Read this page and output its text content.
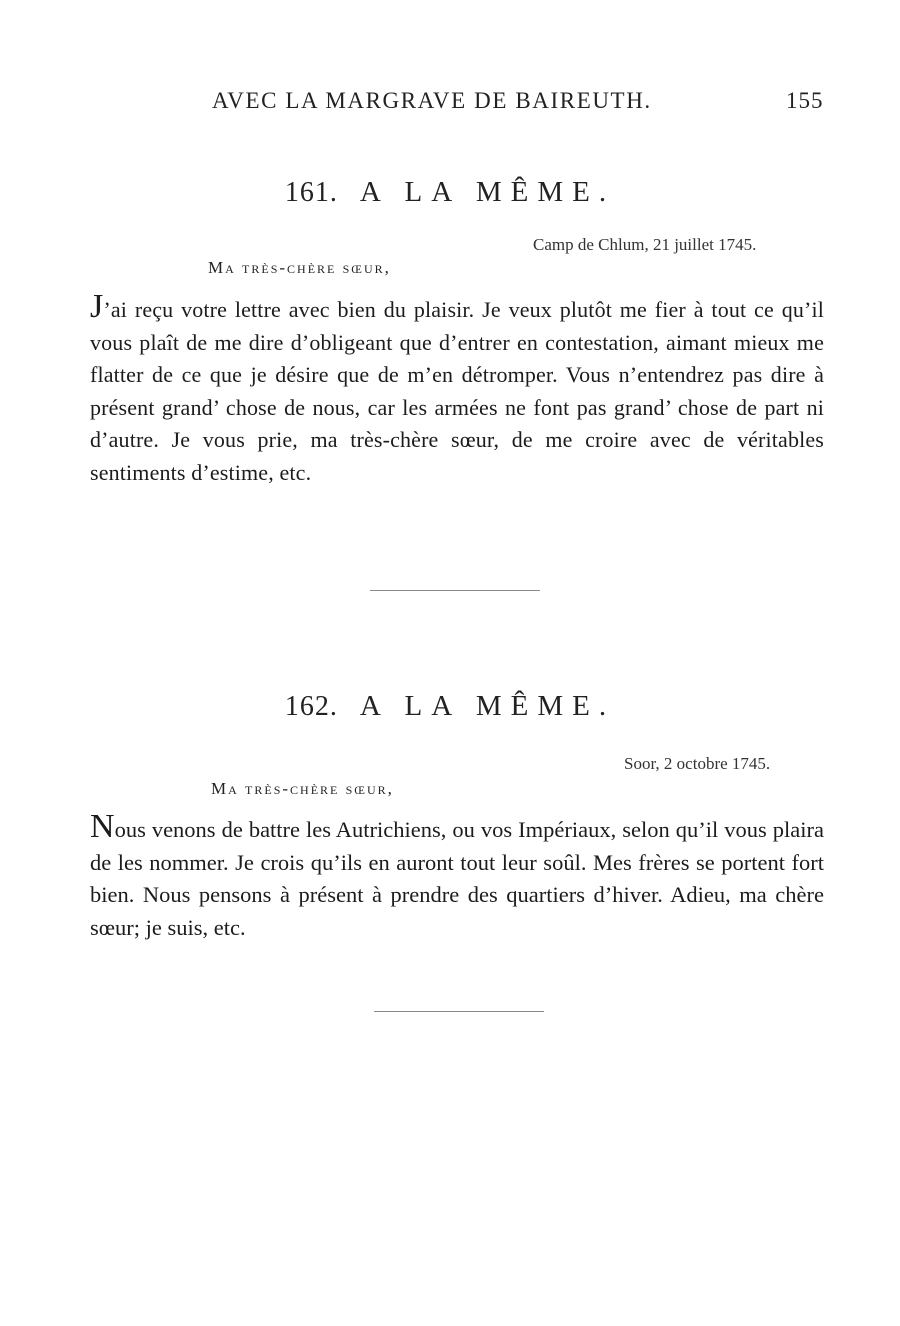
AVEC LA MARGRAVE DE BAIREUTH.	155
161. A LA MÊME.
Camp de Chlum, 21 juillet 1745.
Ma très-chère sœur,
J’ai reçu votre lettre avec bien du plaisir. Je veux plutôt me fier à tout ce qu’il vous plaît de me dire d’obligeant que d’entrer en contestation, aimant mieux me flatter de ce que je désire que de m’en détromper. Vous n’entendrez pas dire à présent grand’ chose de nous, car les armées ne font pas grand’ chose de part ni d’autre. Je vous prie, ma très-chère sœur, de me croire avec de véritables sentiments d’estime, etc.
162. A LA MÊME.
Soor, 2 octobre 1745.
Ma très-chère sœur,
Nous venons de battre les Autrichiens, ou vos Impériaux, selon qu’il vous plaira de les nommer. Je crois qu’ils en auront tout leur soûl. Mes frères se portent fort bien. Nous pensons à présent à prendre des quartiers d’hiver. Adieu, ma chère sœur; je suis, etc.
